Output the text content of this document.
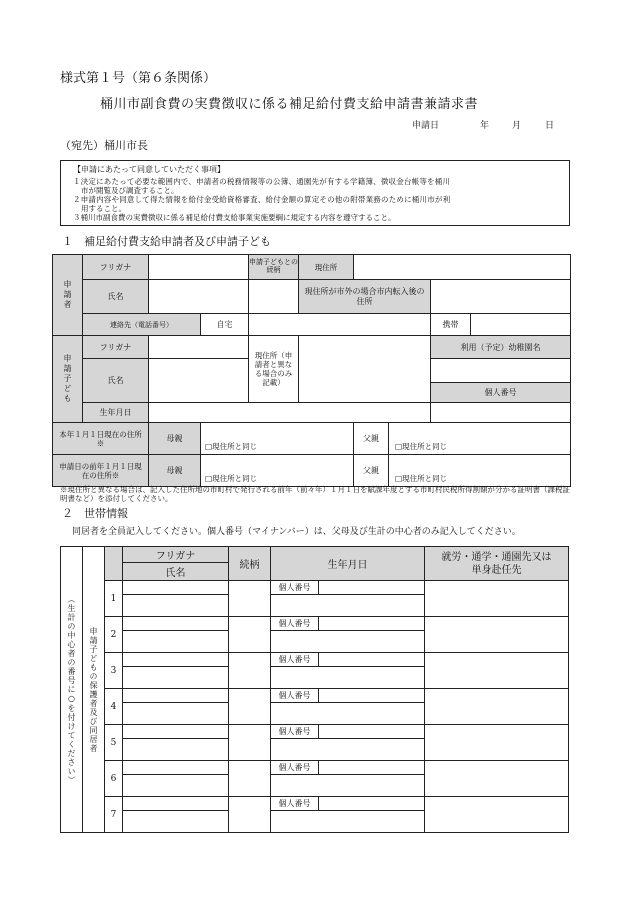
様式第１号（第６条関係）
桶川市副食費の実費徴収に係る補足給付費支給申請書兼請求書
申請日	年	月	日
（宛先）桶川市長
【申請にあたって同意していただく事項】
１決定にあたって必要な範囲内で、申請者の税務情報等の公簿、通園先が有する学籍簿、徴収金台帳等を桶川
市が閲覧及び調査すること。
２申請内容や同意して得た情報を給付金受給資格審査、給付金額の算定その他の附帯業務のために桶川市が利
用すること。
３桶川市副食費の実費徴収に係る補足給付費支給事業実施要綱に規定する内容を遵守すること。
１　補足給付費支給申請者及び申請子ども
申請者	フリガナ			申請子どもとの続柄	現住所				
	氏名				現住所が市外の場合市内転入後の住所				
	連絡先（電話番号）		自宅					携帯	
申請子ども	フリガナ			現住所（申請者と異なる場合のみ記載）				利用（予定）幼稚園名	
	氏名								
								個人番号	
	生年月日								
本年１月１日現在の住所※		母親	□現住所と同じ			父親	□現住所と同じ		
申請日の前年１月１日現在の住所※		母親	□現住所と同じ			父親	□現住所と同じ		
※現住所と異なる場合は、記入した住所地の市町村で発行される前年（前々年）１月１日を賦課年度とする市町村民税所得割額が分かる証明書（課税証明書など）を添付してください。
２　世帯情報
同居者を全員記入してください。個人番号（マイナンバー）は、父母及び生計の中心者のみ記入してください。
（生計の中心者の番号に○を付けてください）	申請子どもの保護者及び同居者		フリガナ	続柄	生年月日		就労・通学・通園先又は単身赴任先
			氏名				
		1			個人番号		

		2			個人番号		

		3			個人番号		

		4			個人番号		

		5			個人番号		

		6			個人番号		

		7			個人番号		
